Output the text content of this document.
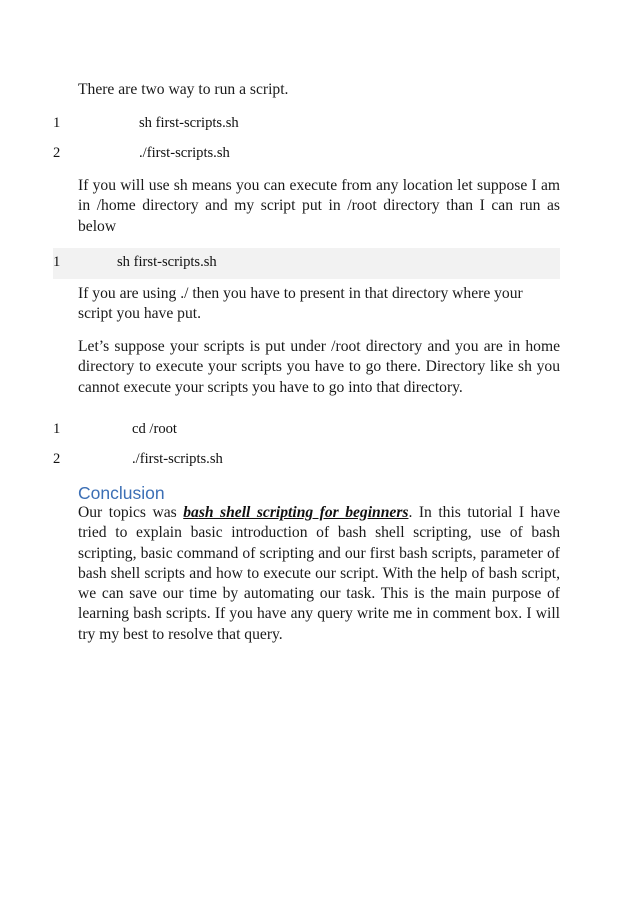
There are two way to run a script.
1	sh first-scripts.sh
2	./first-scripts.sh
If you will use sh means you can execute from any location let suppose I am in /home directory and my script put in /root directory than I can run as below
1	sh first-scripts.sh
If you are using ./ then you have to present in that directory where your script you have put.
Let’s suppose your scripts is put under /root directory and you are in home directory to execute your scripts you have to go there. Directory like sh you cannot execute your scripts you have to go into that directory.
1	cd /root
2	./first-scripts.sh
Conclusion
Our topics was bash shell scripting for beginners. In this tutorial I have tried to explain basic introduction of bash shell scripting, use of bash scripting, basic command of scripting and our first bash scripts, parameter of bash shell scripts and how to execute our script. With the help of bash script, we can save our time by automating our task. This is the main purpose of learning bash scripts. If you have any query write me in comment box. I will try my best to resolve that query.
